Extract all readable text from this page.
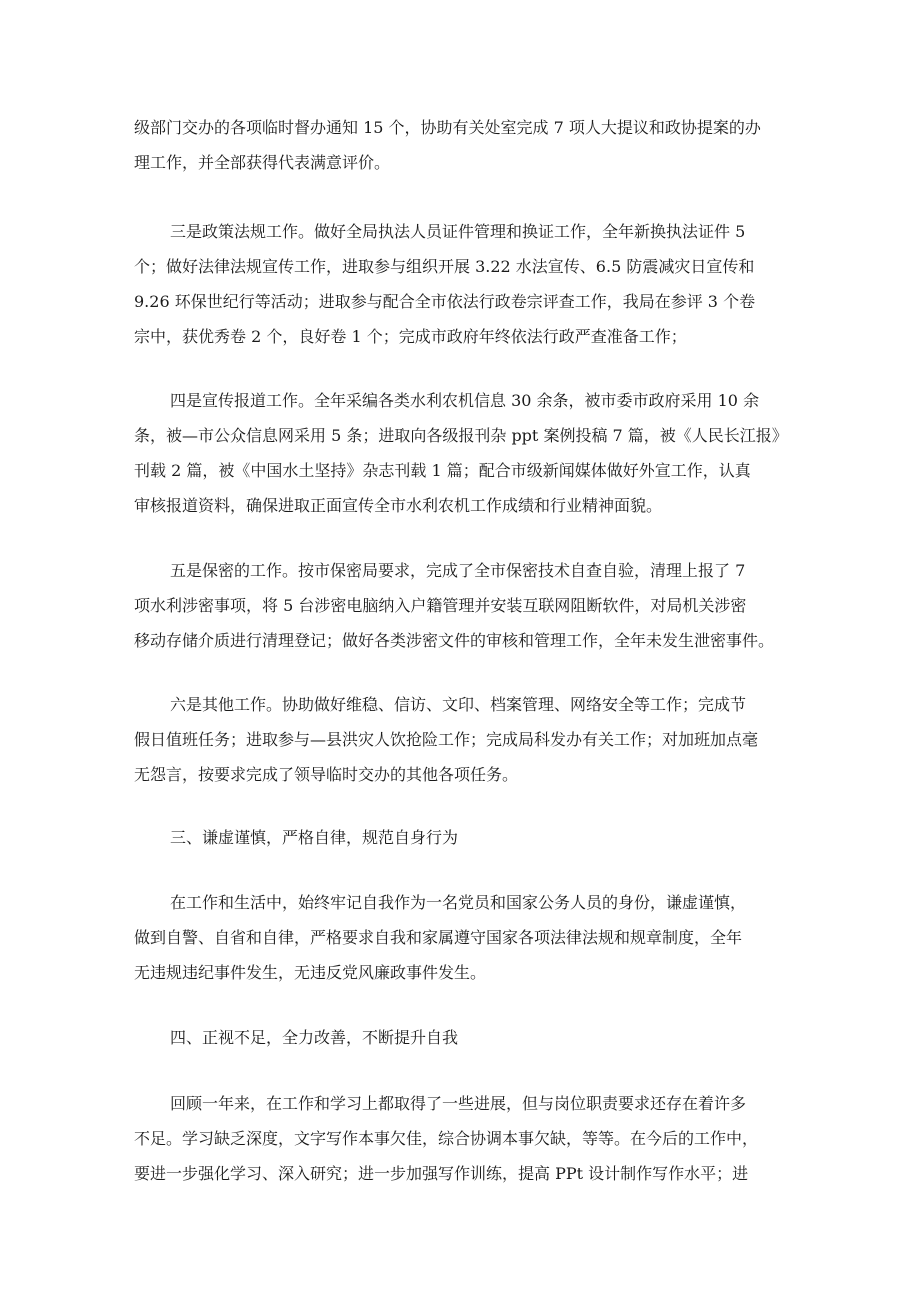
级部门交办的各项临时督办通知 15 个，协助有关处室完成 7 项人大提议和政协提案的办
理工作，并全部获得代表满意评价。
三是政策法规工作。做好全局执法人员证件管理和换证工作，全年新换执法证件 5
个；做好法律法规宣传工作，进取参与组织开展 3.22 水法宣传、6.5 防震减灾日宣传和
9.26 环保世纪行等活动；进取参与配合全市依法行政卷宗评查工作，我局在参评 3 个卷
宗中，获优秀卷 2 个，良好卷 1 个；完成市政府年终依法行政严查准备工作；
四是宣传报道工作。全年采编各类水利农机信息 30 余条，被市委市政府采用 10 余
条，被—市公众信息网采用 5 条；进取向各级报刊杂 ppt 案例投稿 7 篇，被《人民长江报》
刊载 2 篇，被《中国水土坚持》杂志刊载 1 篇；配合市级新闻媒体做好外宣工作，认真
审核报道资料，确保进取正面宣传全市水利农机工作成绩和行业精神面貌。
五是保密的工作。按市保密局要求，完成了全市保密技术自查自验，清理上报了 7
项水利涉密事项，将 5 台涉密电脑纳入户籍管理并安装互联网阻断软件，对局机关涉密
移动存储介质进行清理登记；做好各类涉密文件的审核和管理工作，全年未发生泄密事件。
六是其他工作。协助做好维稳、信访、文印、档案管理、网络安全等工作；完成节
假日值班任务；进取参与—县洪灾人饮抢险工作；完成局科发办有关工作；对加班加点毫
无怨言，按要求完成了领导临时交办的其他各项任务。
三、谦虚谨慎，严格自律，规范自身行为
在工作和生活中，始终牢记自我作为一名党员和国家公务人员的身份，谦虚谨慎，
做到自警、自省和自律，严格要求自我和家属遵守国家各项法律法规和规章制度，全年
无违规违纪事件发生，无违反党风廉政事件发生。
四、正视不足，全力改善，不断提升自我
回顾一年来，在工作和学习上都取得了一些进展，但与岗位职责要求还存在着许多
不足。学习缺乏深度，文字写作本事欠佳，综合协调本事欠缺，等等。在今后的工作中，
要进一步强化学习、深入研究；进一步加强写作训练，提高 PPt 设计制作写作水平；进
